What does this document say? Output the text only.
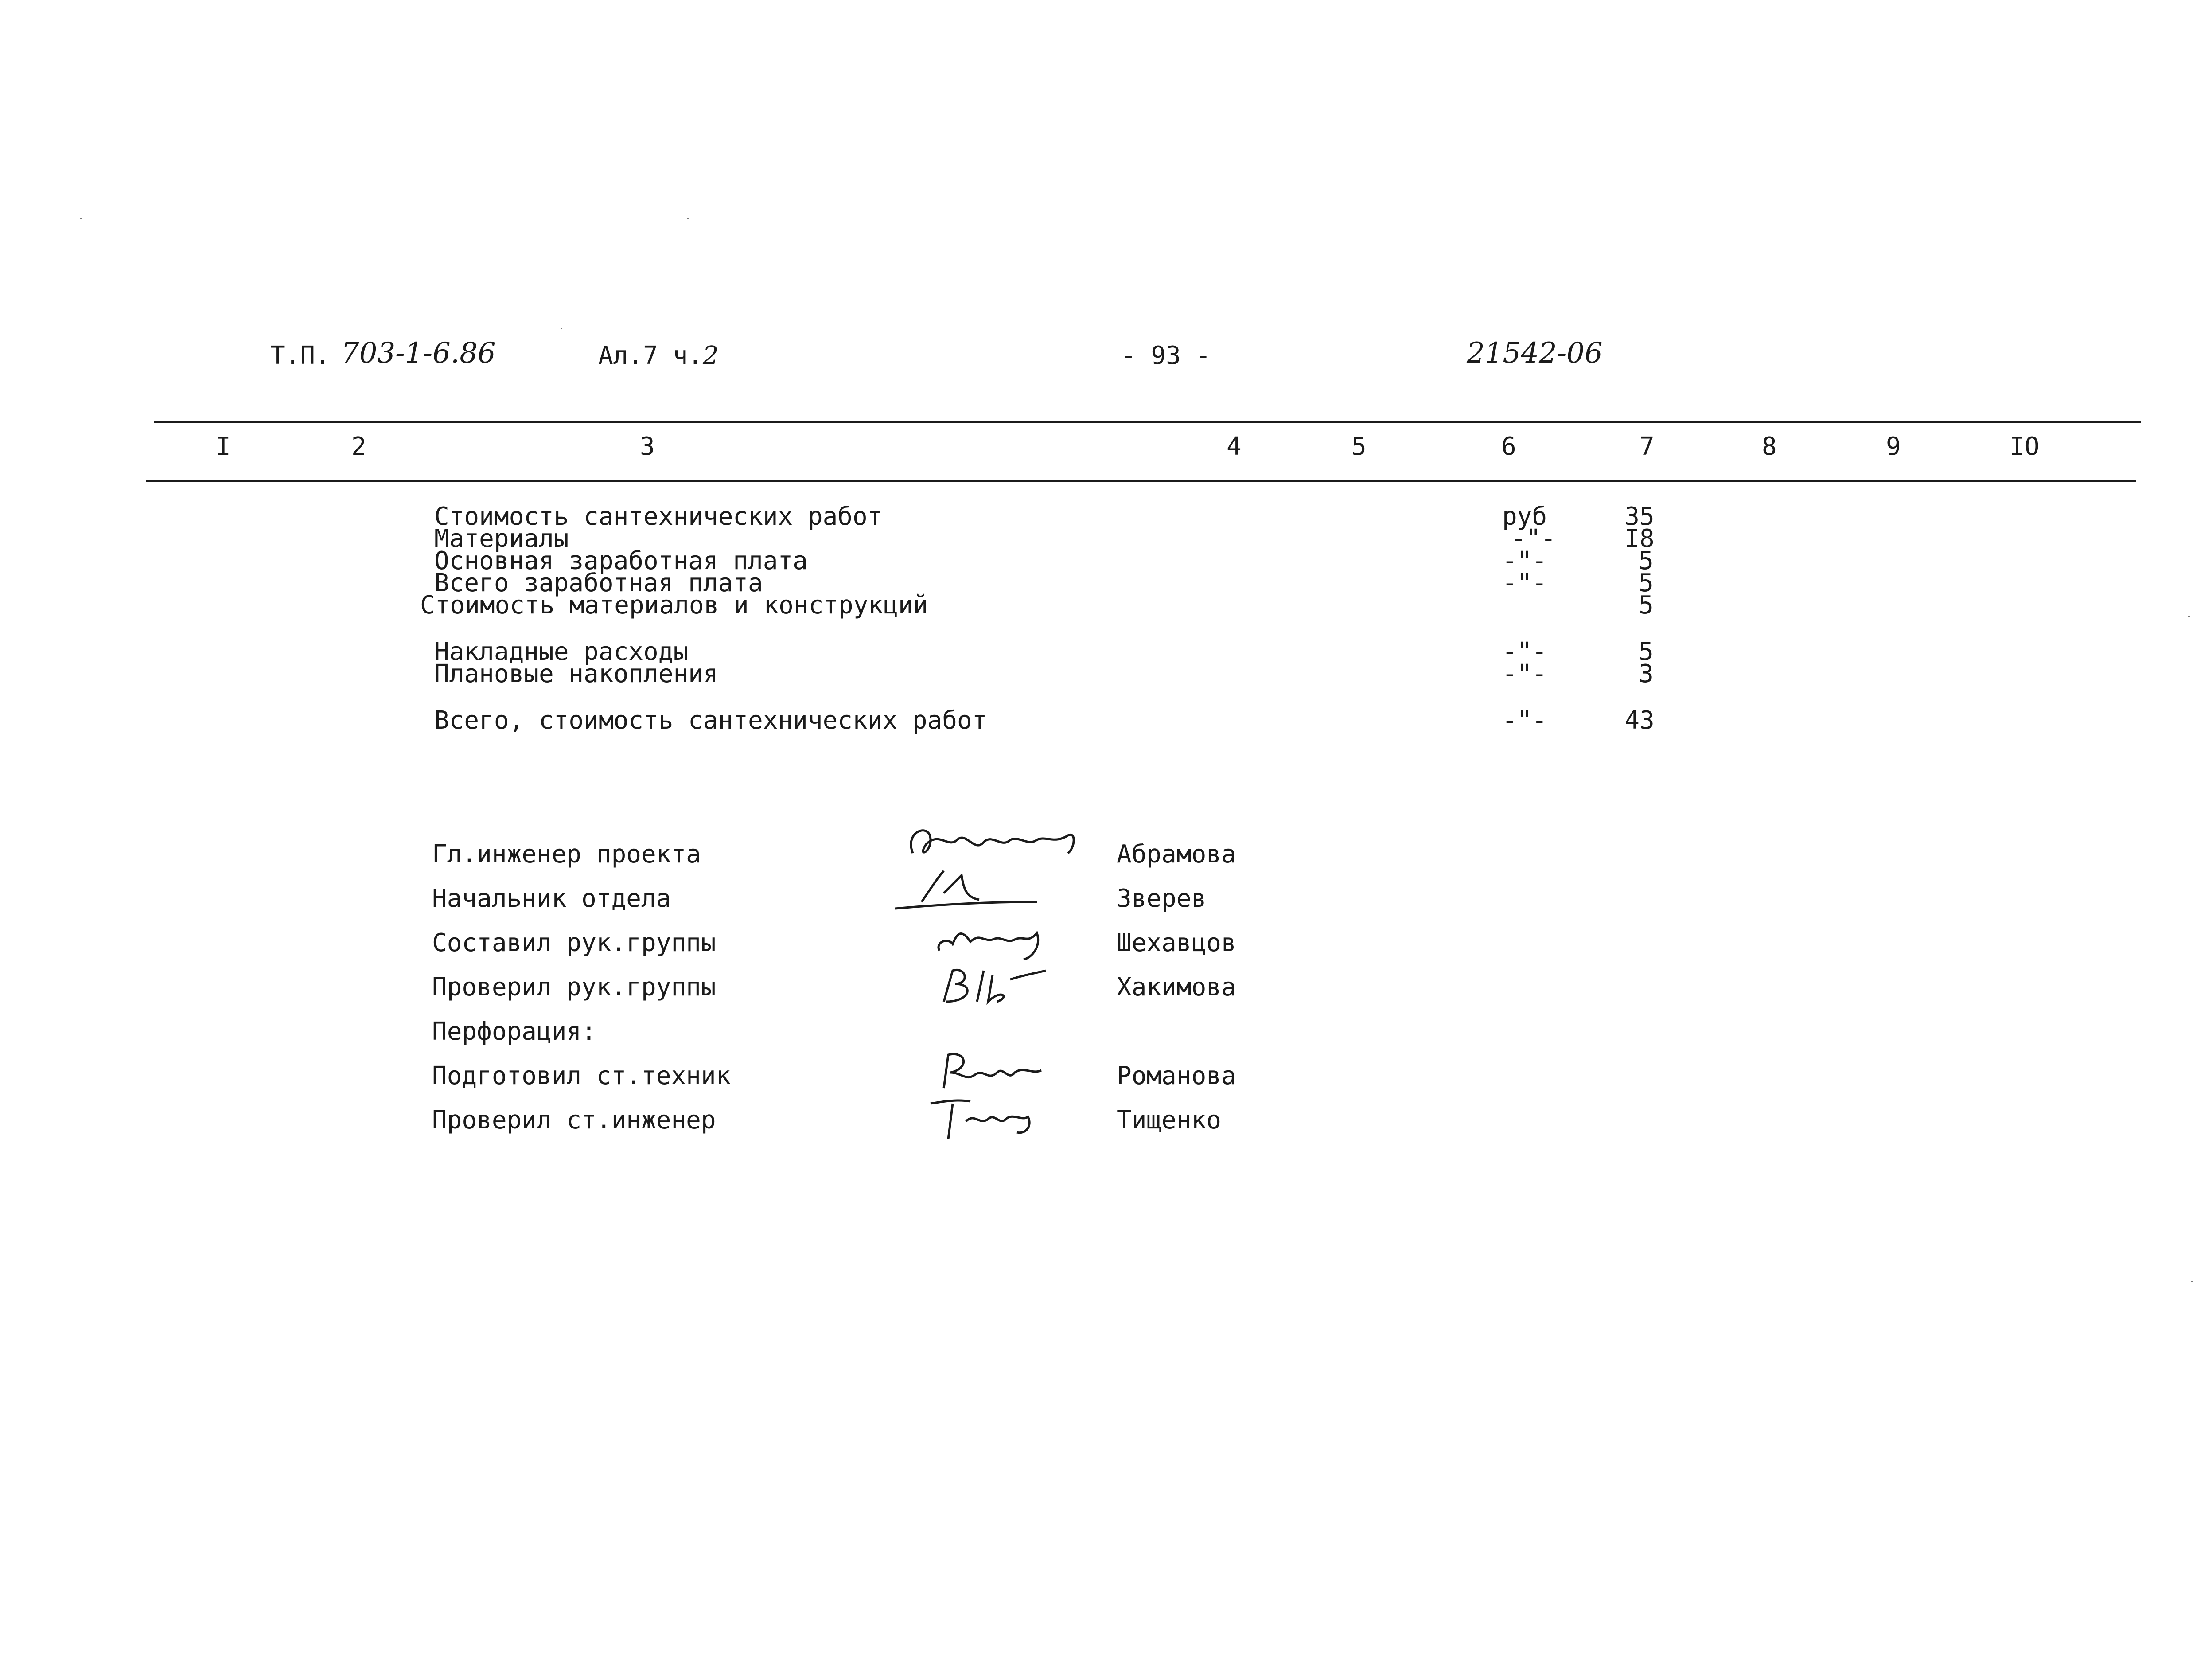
Т.П. 703-1-6.86	Ал.7 ч.2	- 93 -	21542-06
I	2	3	4	5	6	7	8	9	IO
Стоимость сантехнических работ	руб	35
Материалы	-"-	I8
Основная заработная плата	-"-	5
Всего заработная плата	-"-	5
Стоимость материалов и конструкций	5
Накладные расходы	-"-	5
Плановые накопления	-"-	3
Всего, стоимость сантехнических работ	-"-	43
Гл.инженер проекта	Абрамова
Начальник отдела	Зверев
Составил рук.группы	Шехавцов
Проверил рук.группы	Хакимова
Перфорация:
Подготовил ст.техник	Романова
Проверил ст.инженер	Тищенко
